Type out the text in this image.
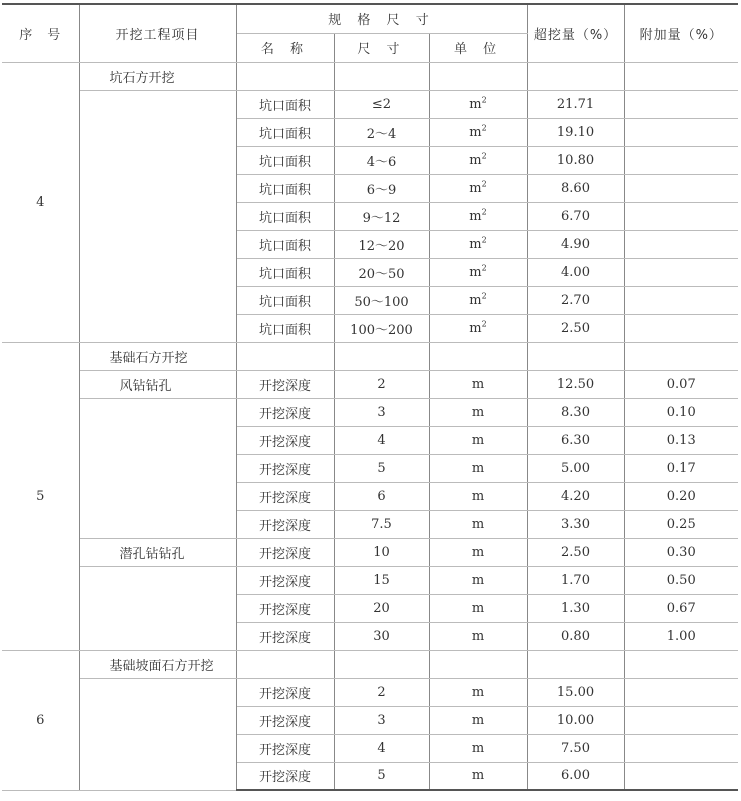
序　号	开挖工程项目	规 格 尺 寸			超挖量（%）	附加量（%）
		名 称	尺 寸	单 位		
4	坑石方开挖					
		坑口面积	≤2	$m^2$	21.71	
		坑口面积	2～4	$m^2$	19.10	
		坑口面积	4～6	$m^2$	10.80	
		坑口面积	6～9	$m^2$	8.60	
		坑口面积	9～12	$m^2$	6.70	
		坑口面积	12～20	$m^2$	4.90	
		坑口面积	20～50	$m^2$	4.00	
		坑口面积	50～100	$m^2$	2.70	
		坑口面积	100～200	$m^2$	2.50	
5	基础石方开挖					
	风钻钻孔	开挖深度	2	m	12.50	0.07
		开挖深度	3	m	8.30	0.10
		开挖深度	4	m	6.30	0.13
		开挖深度	5	m	5.00	0.17
		开挖深度	6	m	4.20	0.20
		开挖深度	7.5	m	3.30	0.25
	潜孔钻钻孔	开挖深度	10	m	2.50	0.30
		开挖深度	15	m	1.70	0.50
		开挖深度	20	m	1.30	0.67
		开挖深度	30	m	0.80	1.00
6	基础坡面石方开挖					
		开挖深度	2	m	15.00	
		开挖深度	3	m	10.00	
		开挖深度	4	m	7.50	
		开挖深度	5	m	6.00	
